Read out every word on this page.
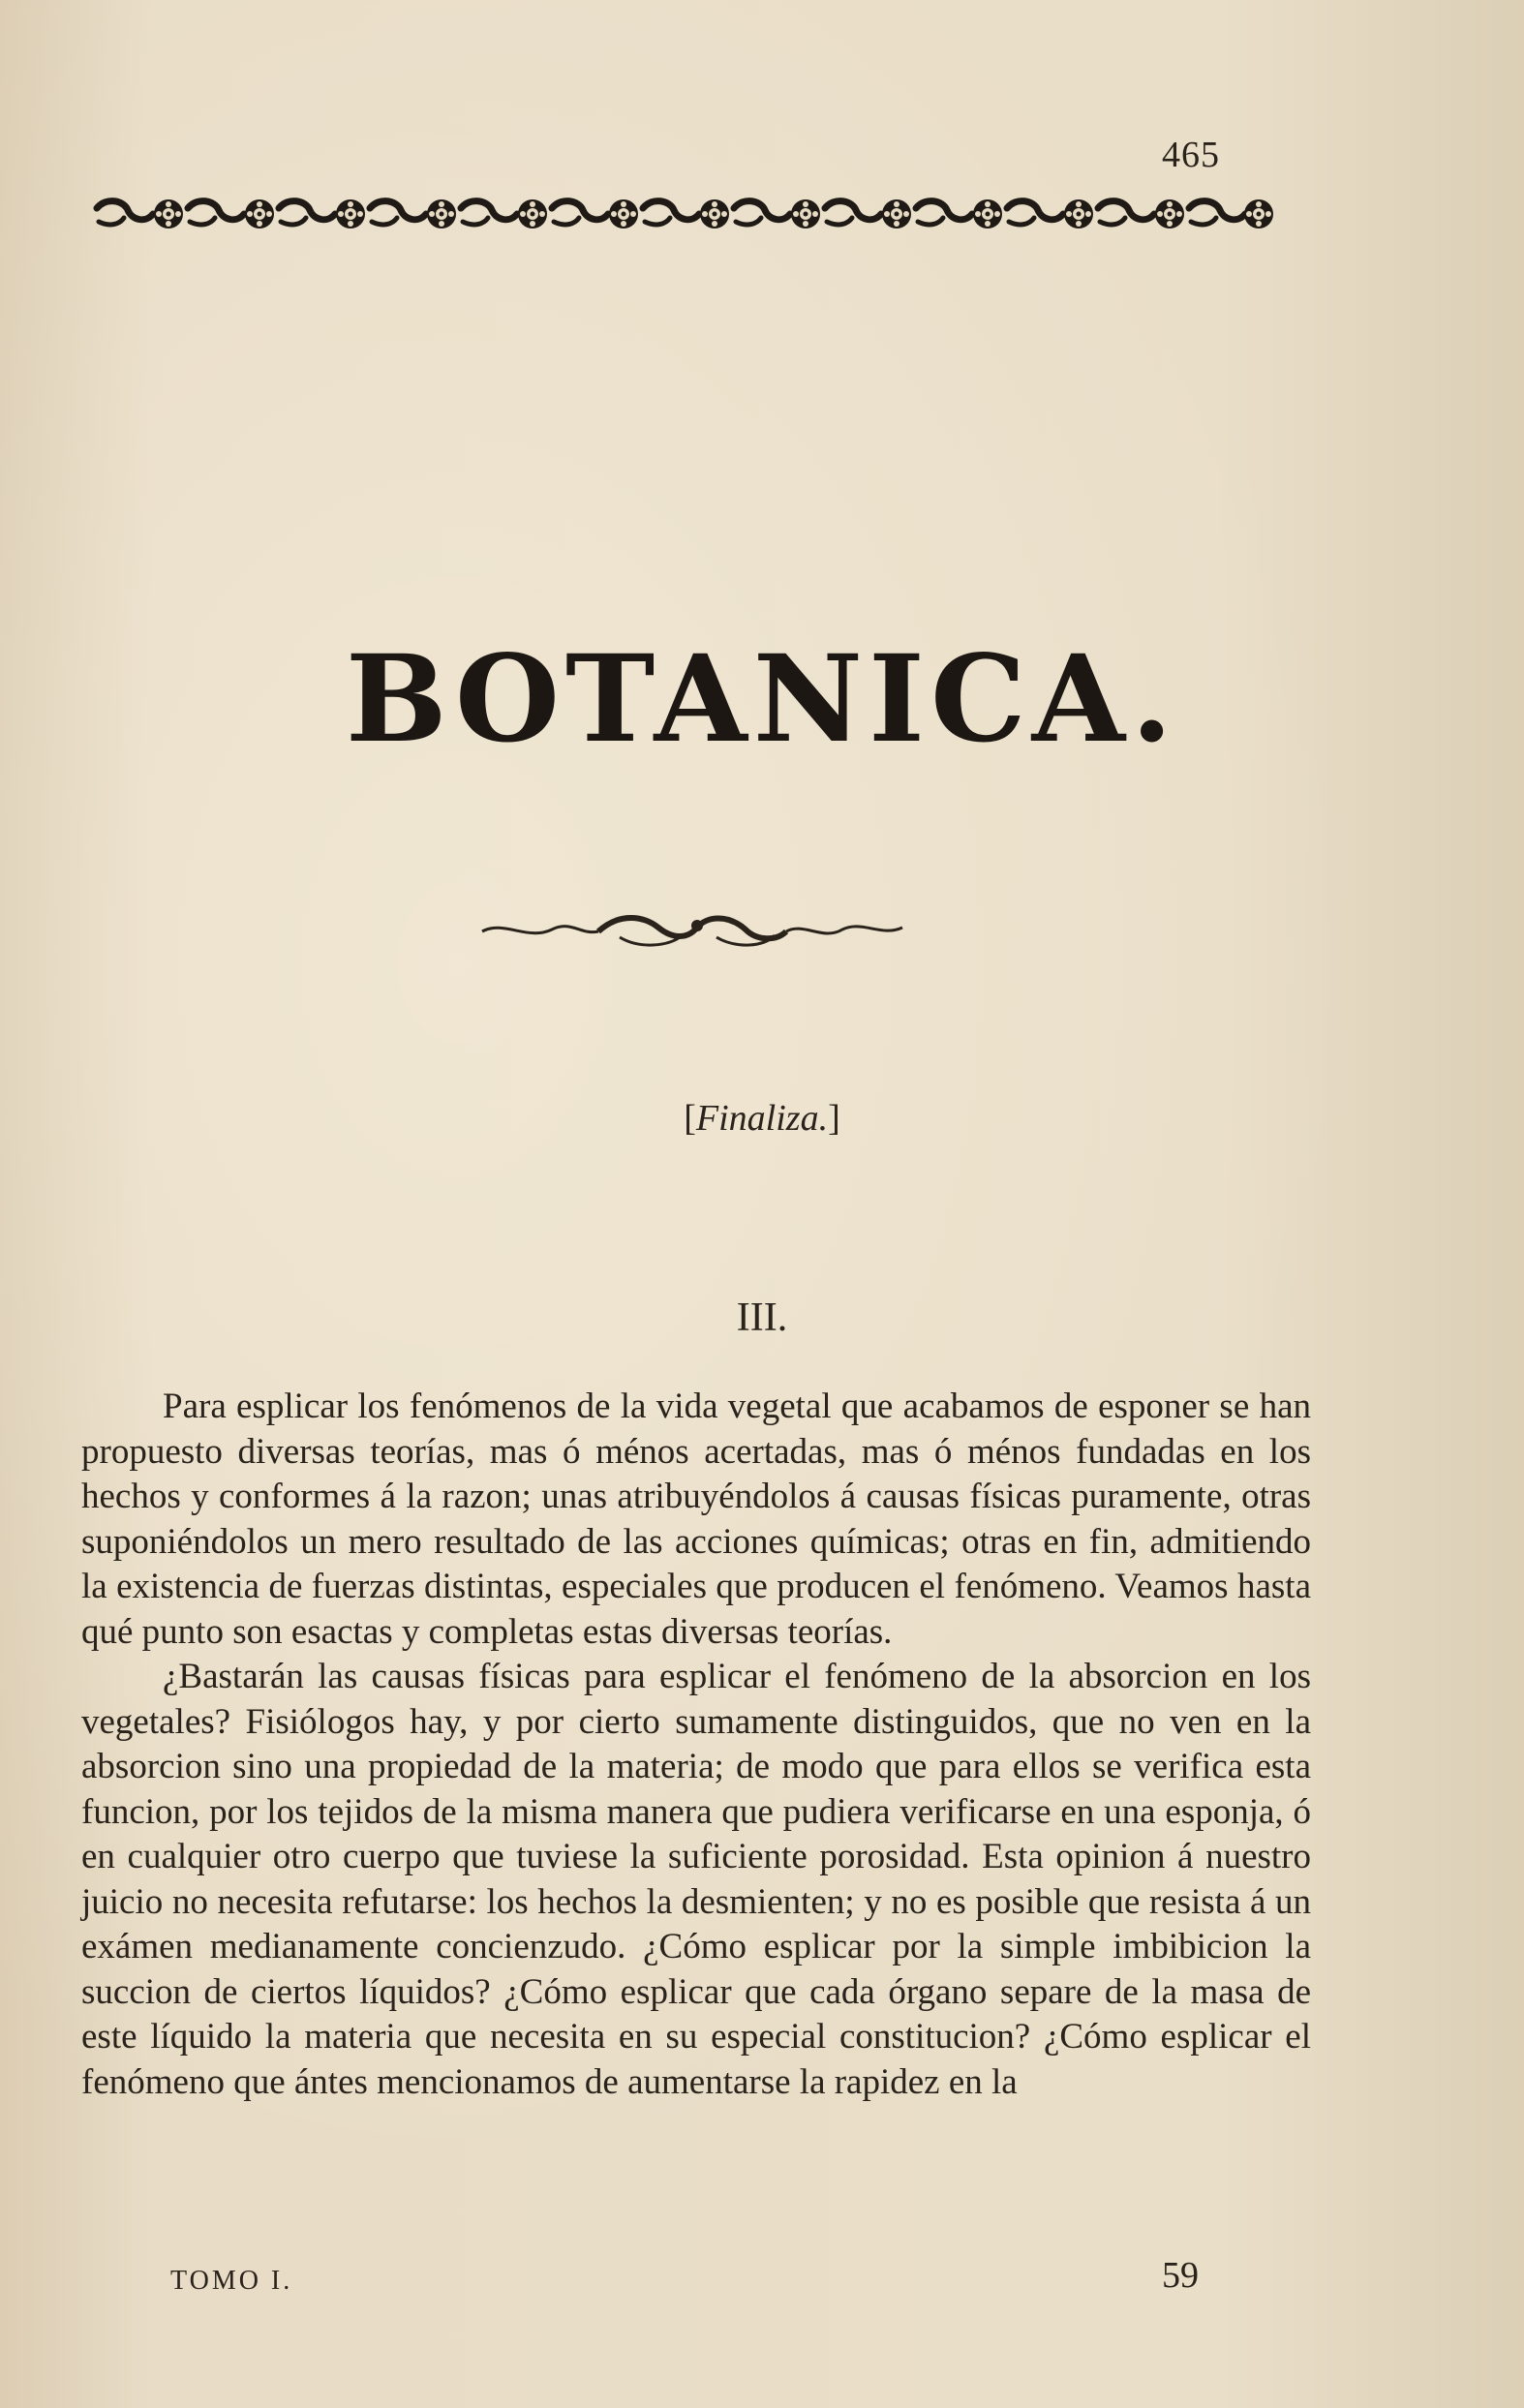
465
BOTANICA.
[Finaliza.]
III.

Para esplicar los fenómenos de la vida vegetal que acabamos de esponer se han propuesto diversas teorías, mas ó ménos acertadas, mas ó ménos fundadas en los hechos y conformes á la razon; unas atribuyéndolos á causas físicas puramente, otras suponiéndolos un mero resultado de las acciones químicas; otras en fin, admitiendo la existencia de fuerzas distintas, especiales que producen el fenómeno. Veamos hasta qué punto son esactas y completas estas diversas teorías.

¿Bastarán las causas físicas para esplicar el fenómeno de la absorcion en los vegetales? Fisiólogos hay, y por cierto sumamente distinguidos, que no ven en la absorcion sino una propiedad de la materia; de modo que para ellos se verifica esta funcion, por los tejidos de la misma manera que pudiera verificarse en una esponja, ó en cualquier otro cuerpo que tuviese la suficiente porosidad. Esta opinion á nuestro juicio no necesita refutarse: los hechos la desmienten; y no es posible que resista á un exámen medianamente concienzudo. ¿Cómo esplicar por la simple imbibicion la succion de ciertos líquidos? ¿Cómo esplicar que cada órgano separe de la masa de este líquido la materia que necesita en su especial constitucion? ¿Cómo esplicar el fenómeno que ántes mencionamos de aumentarse la rapidez en la

TOMO I.	59
